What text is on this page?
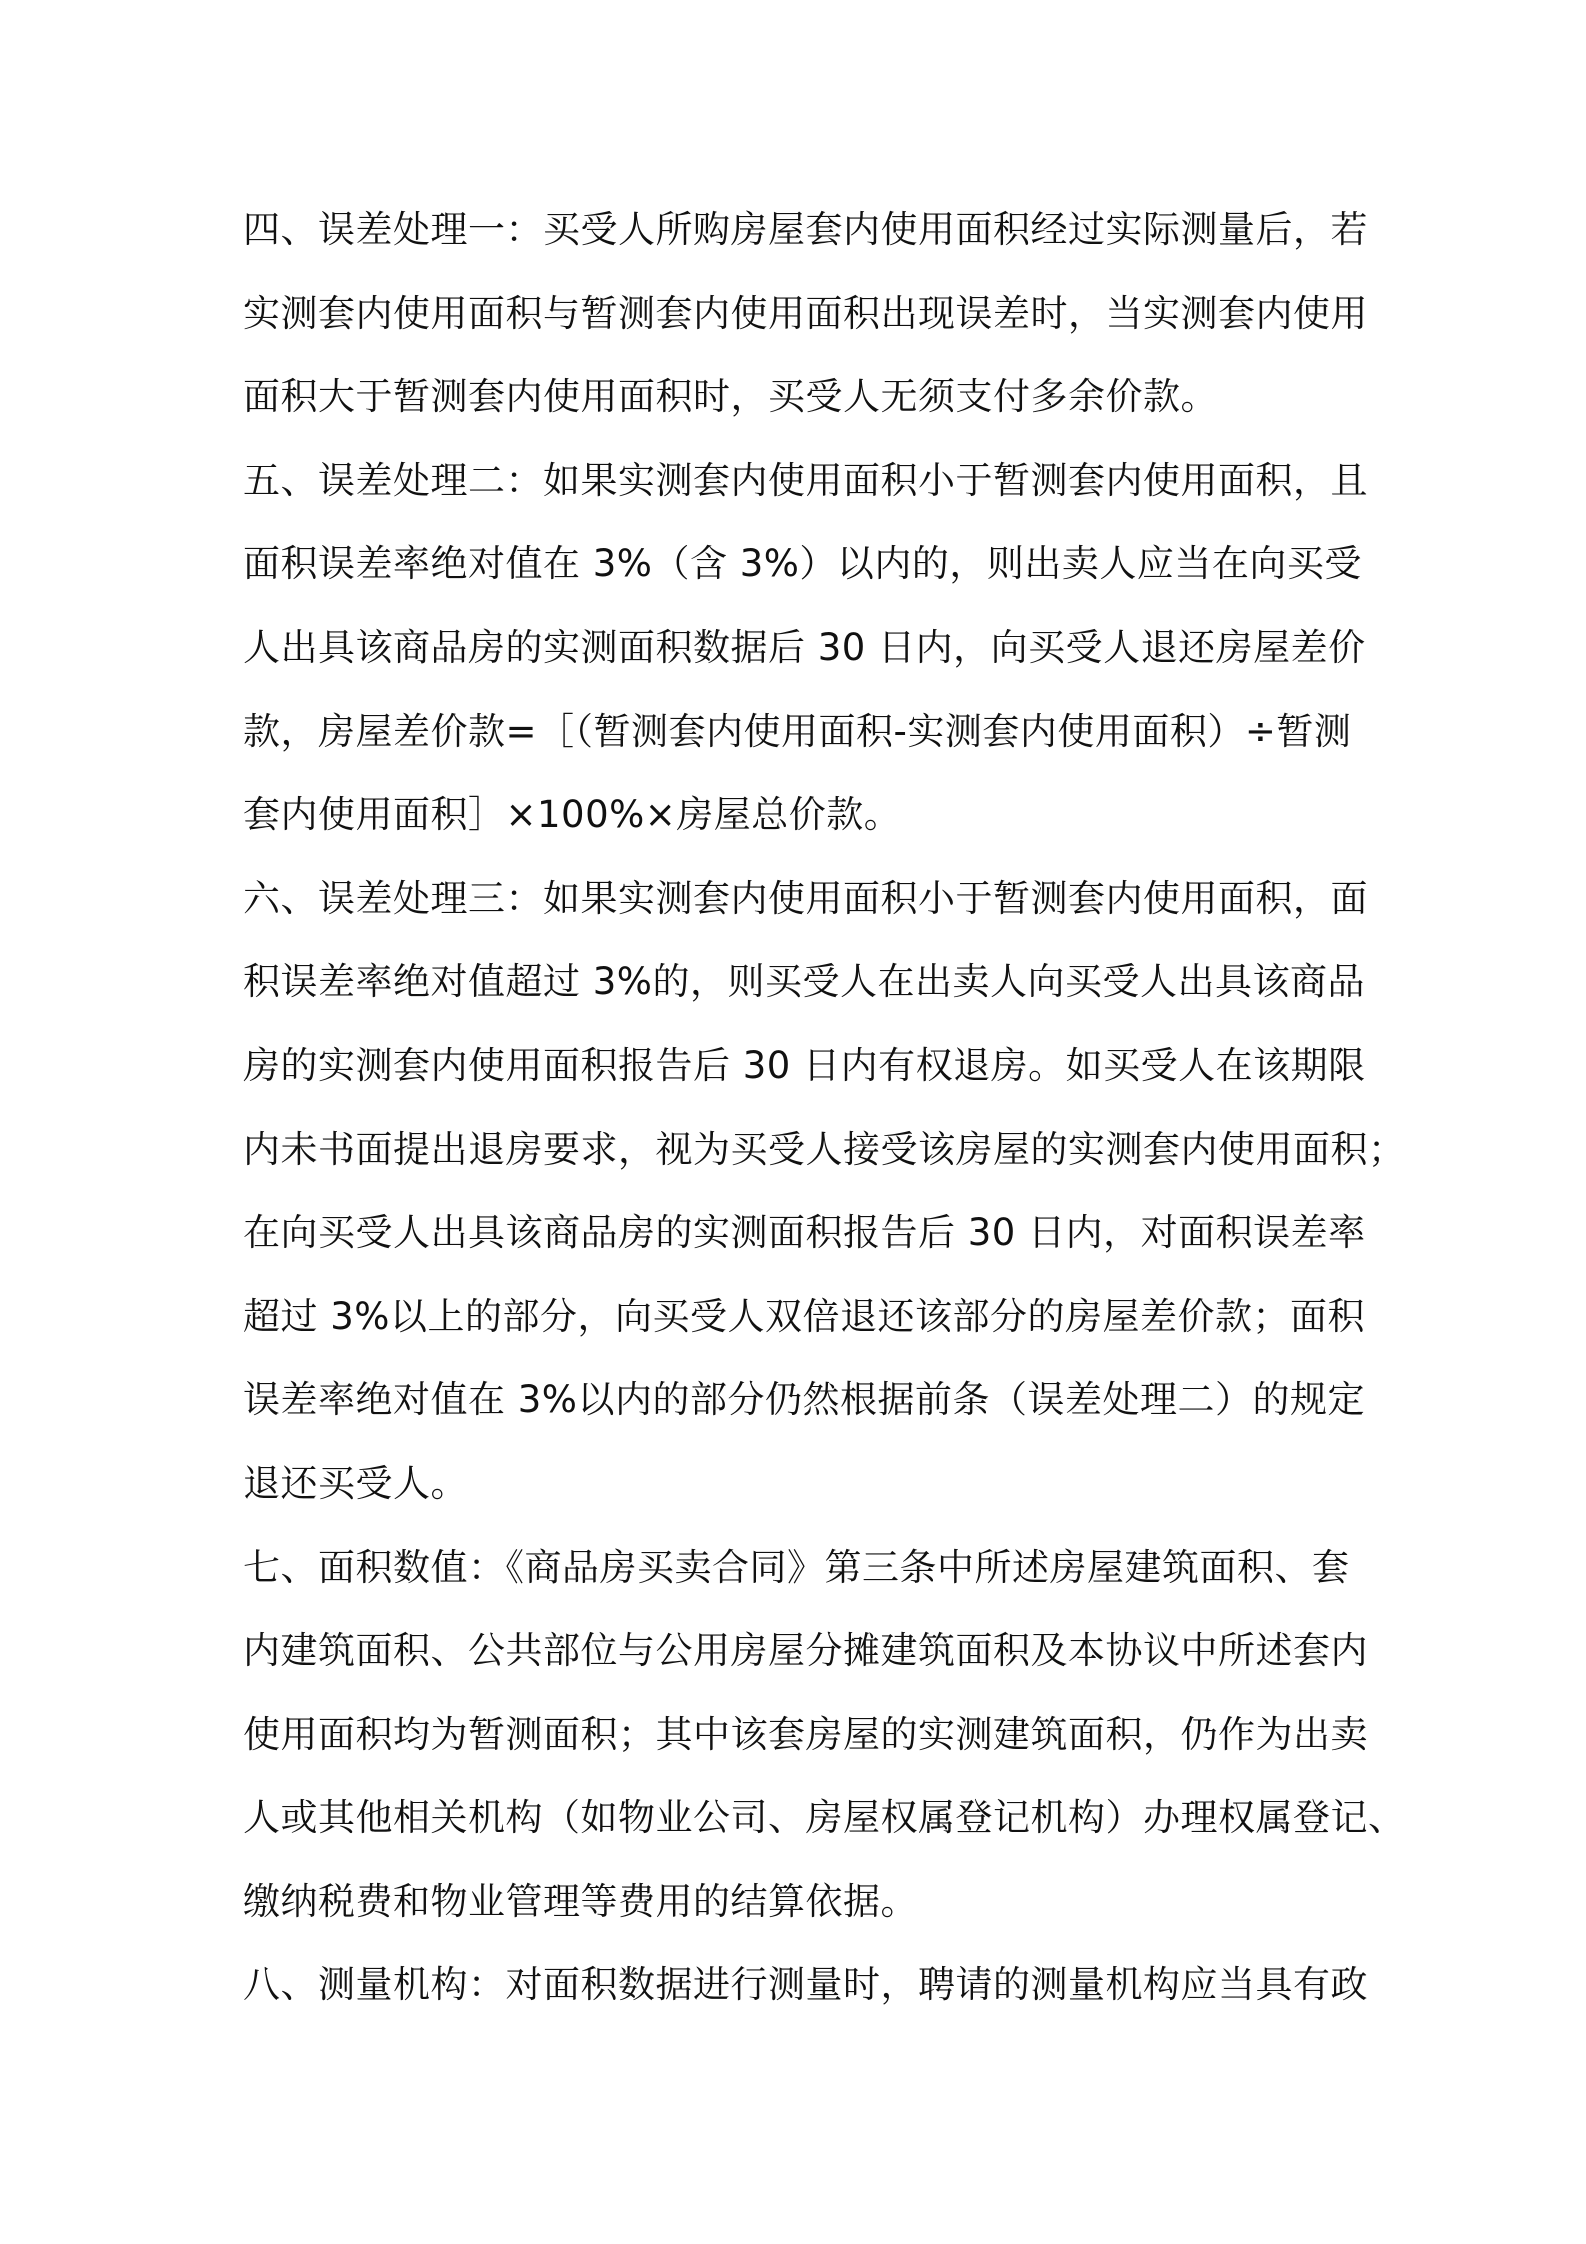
四、误差处理一：买受人所购房屋套内使用面积经过实际测量后，若
实测套内使用面积与暂测套内使用面积出现误差时，当实测套内使用
面积大于暂测套内使用面积时，买受人无须支付多余价款。
五、误差处理二：如果实测套内使用面积小于暂测套内使用面积，且
面积误差率绝对值在 3%（含 3%）以内的，则出卖人应当在向买受
人出具该商品房的实测面积数据后 30 日内，向买受人退还房屋差价
款，房屋差价款=［（暂测套内使用面积-实测套内使用面积）÷暂测
套内使用面积］×100%×房屋总价款。
六、误差处理三：如果实测套内使用面积小于暂测套内使用面积，面
积误差率绝对值超过 3%的，则买受人在出卖人向买受人出具该商品
房的实测套内使用面积报告后 30 日内有权退房。如买受人在该期限
内未书面提出退房要求，视为买受人接受该房屋的实测套内使用面积；
在向买受人出具该商品房的实测面积报告后 30 日内，对面积误差率
超过 3%以上的部分，向买受人双倍退还该部分的房屋差价款；面积
误差率绝对值在 3%以内的部分仍然根据前条（误差处理二）的规定
退还买受人。
七、面积数值：《商品房买卖合同》第三条中所述房屋建筑面积、套
内建筑面积、公共部位与公用房屋分摊建筑面积及本协议中所述套内
使用面积均为暂测面积；其中该套房屋的实测建筑面积，仍作为出卖
人或其他相关机构（如物业公司、房屋权属登记机构）办理权属登记、
缴纳税费和物业管理等费用的结算依据。
八、测量机构：对面积数据进行测量时，聘请的测量机构应当具有政
